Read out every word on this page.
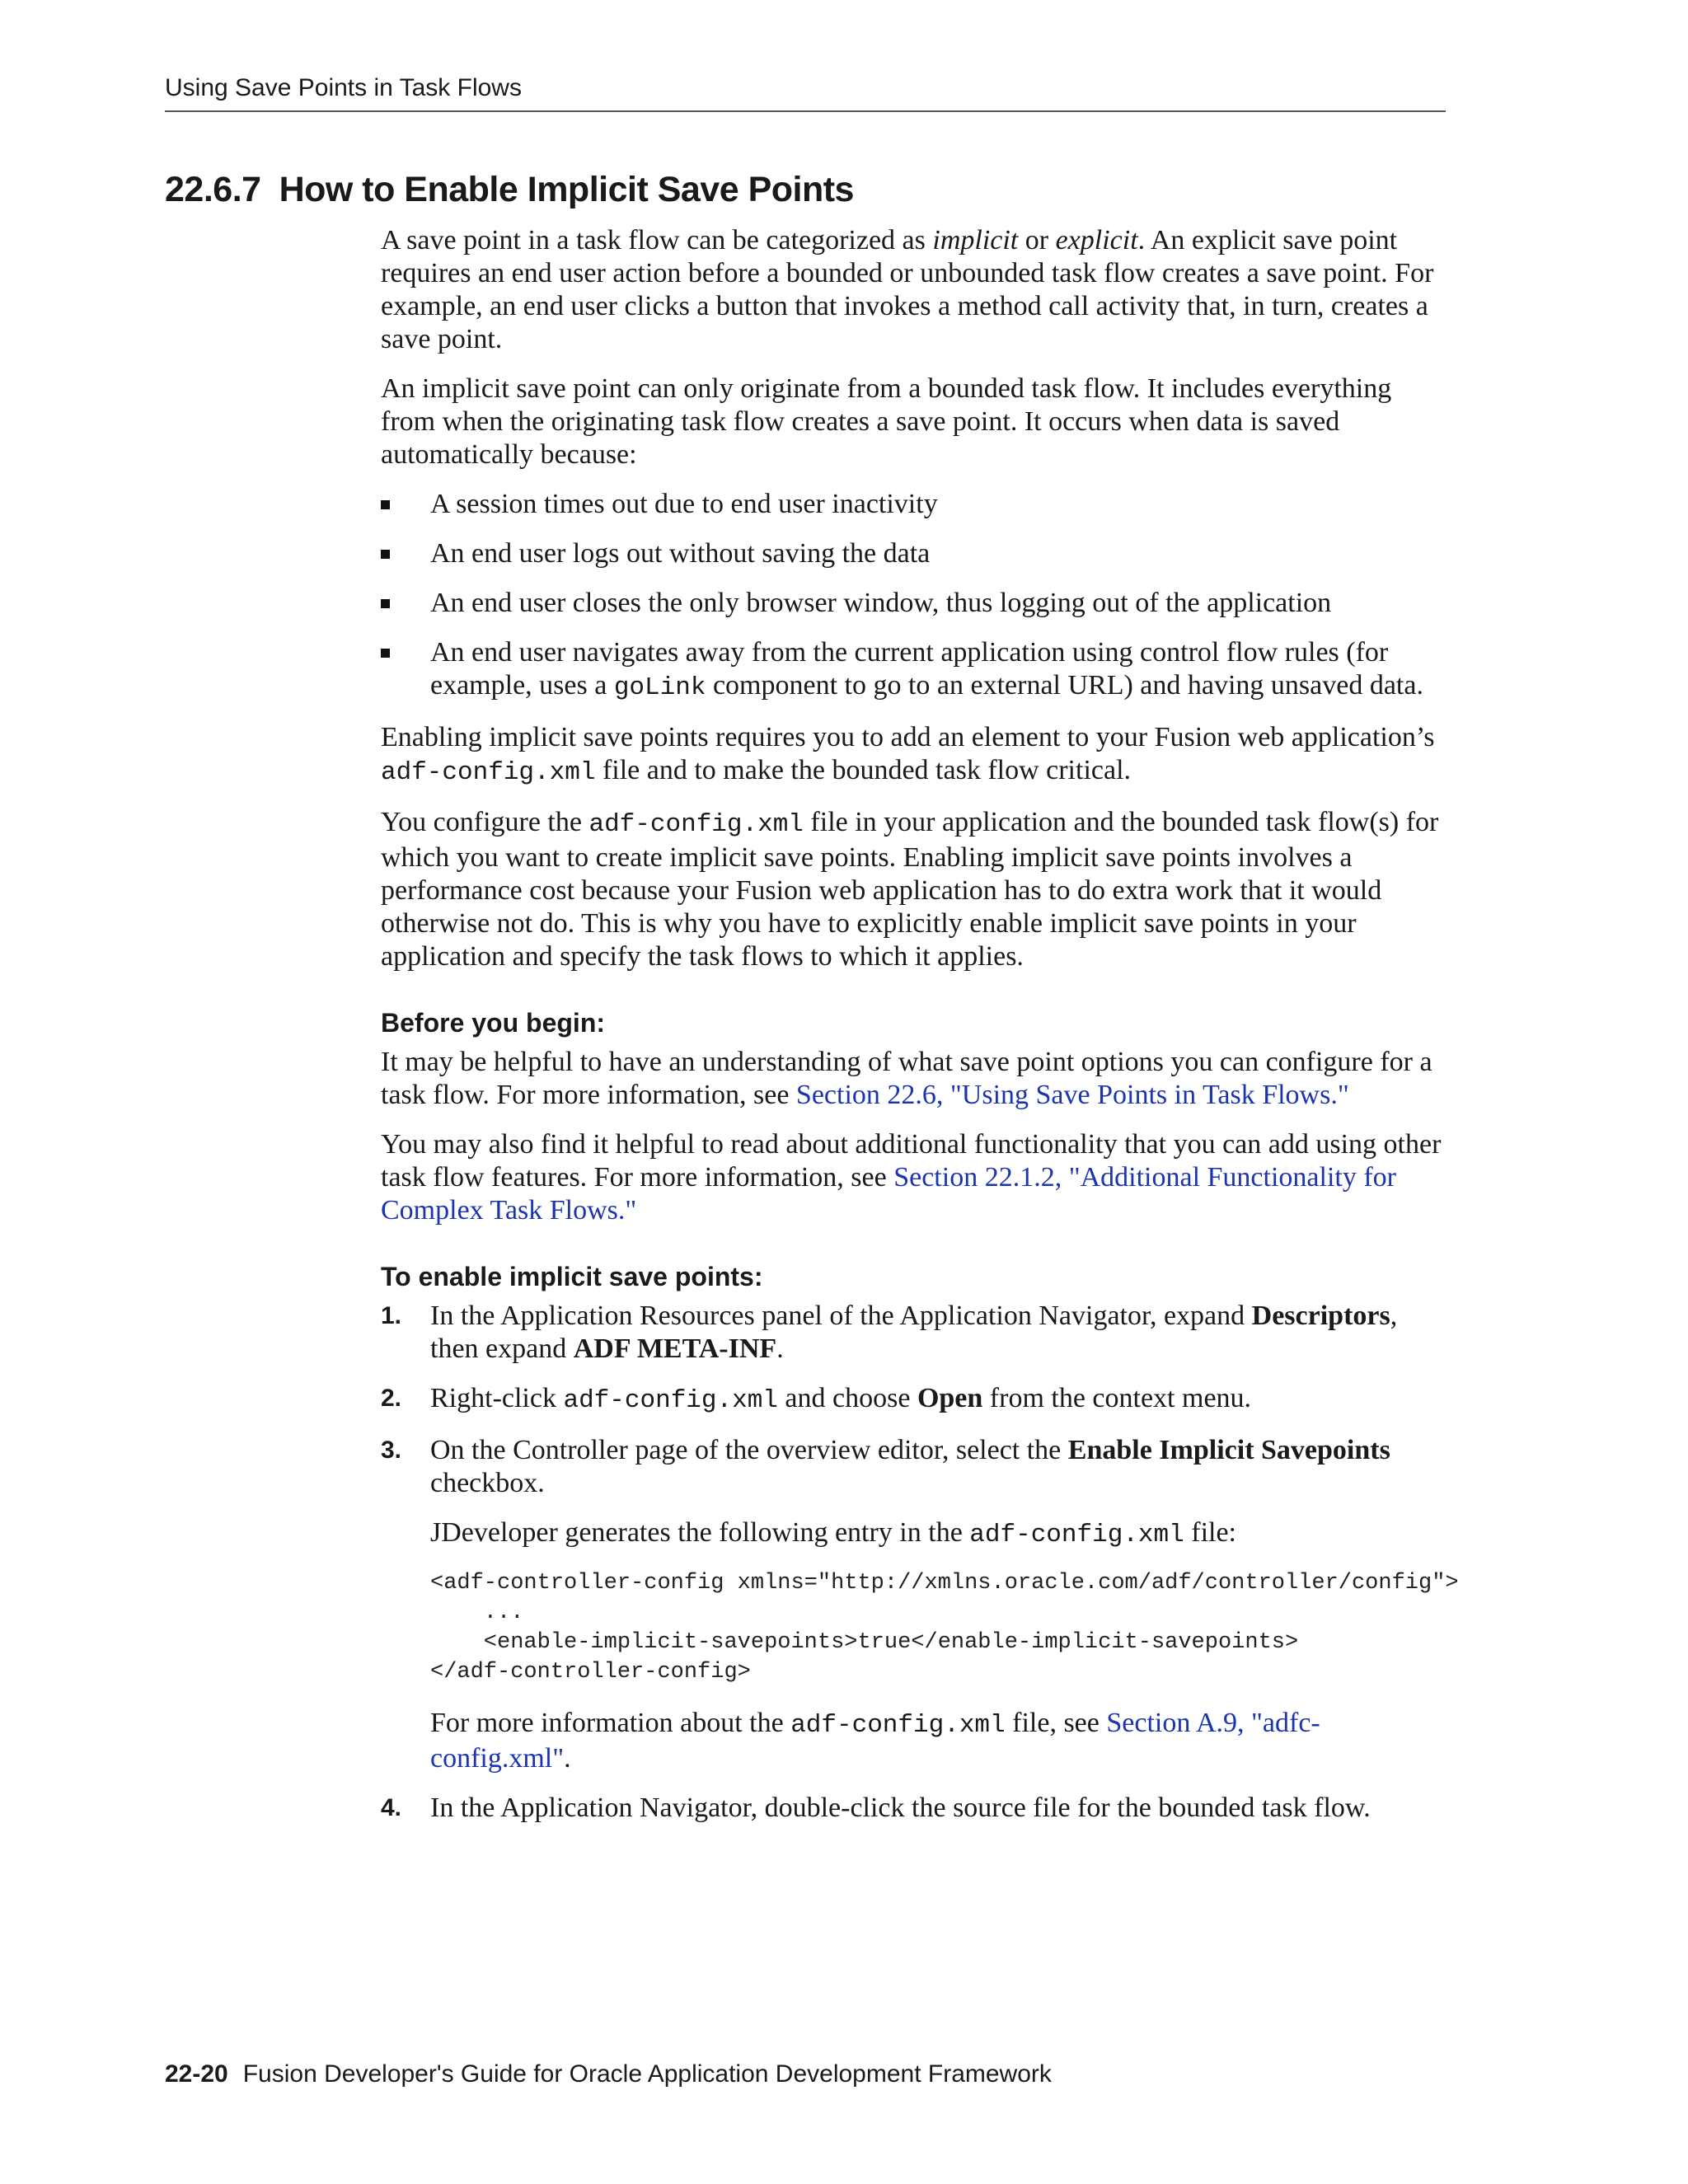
Using Save Points in Task Flows
22.6.7 How to Enable Implicit Save Points

A save point in a task flow can be categorized as implicit or explicit. An explicit save point requires an end user action before a bounded or unbounded task flow creates a save point. For example, an end user clicks a button that invokes a method call activity that, in turn, creates a save point.

An implicit save point can only originate from a bounded task flow. It includes everything from when the originating task flow creates a save point. It occurs when data is saved automatically because:

A session times out due to end user inactivity
An end user logs out without saving the data
An end user closes the only browser window, thus logging out of the application
An end user navigates away from the current application using control flow rules (for example, uses a goLink component to go to an external URL) and having unsaved data.

Enabling implicit save points requires you to add an element to your Fusion web application’s adf-config.xml file and to make the bounded task flow critical.

You configure the adf-config.xml file in your application and the bounded task flow(s) for which you want to create implicit save points. Enabling implicit save points involves a performance cost because your Fusion web application has to do extra work that it would otherwise not do. This is why you have to explicitly enable implicit save points in your application and specify the task flows to which it applies.

Before you begin:

It may be helpful to have an understanding of what save point options you can configure for a task flow. For more information, see Section 22.6, "Using Save Points in Task Flows."

You may also find it helpful to read about additional functionality that you can add using other task flow features. For more information, see Section 22.1.2, "Additional Functionality for Complex Task Flows."

To enable implicit save points:
1. In the Application Resources panel of the Application Navigator, expand Descriptors, then expand ADF META-INF.
2. Right-click adf-config.xml and choose Open from the context menu.
3. On the Controller page of the overview editor, select the Enable Implicit Savepoints checkbox.
JDeveloper generates the following entry in the adf-config.xml file:
<adf-controller-config xmlns="http://xmlns.oracle.com/adf/controller/config">
...
<enable-implicit-savepoints>true</enable-implicit-savepoints>
</adf-controller-config>
For more information about the adf-config.xml file, see Section A.9, "adfc-config.xml".
4. In the Application Navigator, double-click the source file for the bounded task flow.
22-20 Fusion Developer's Guide for Oracle Application Development Framework
